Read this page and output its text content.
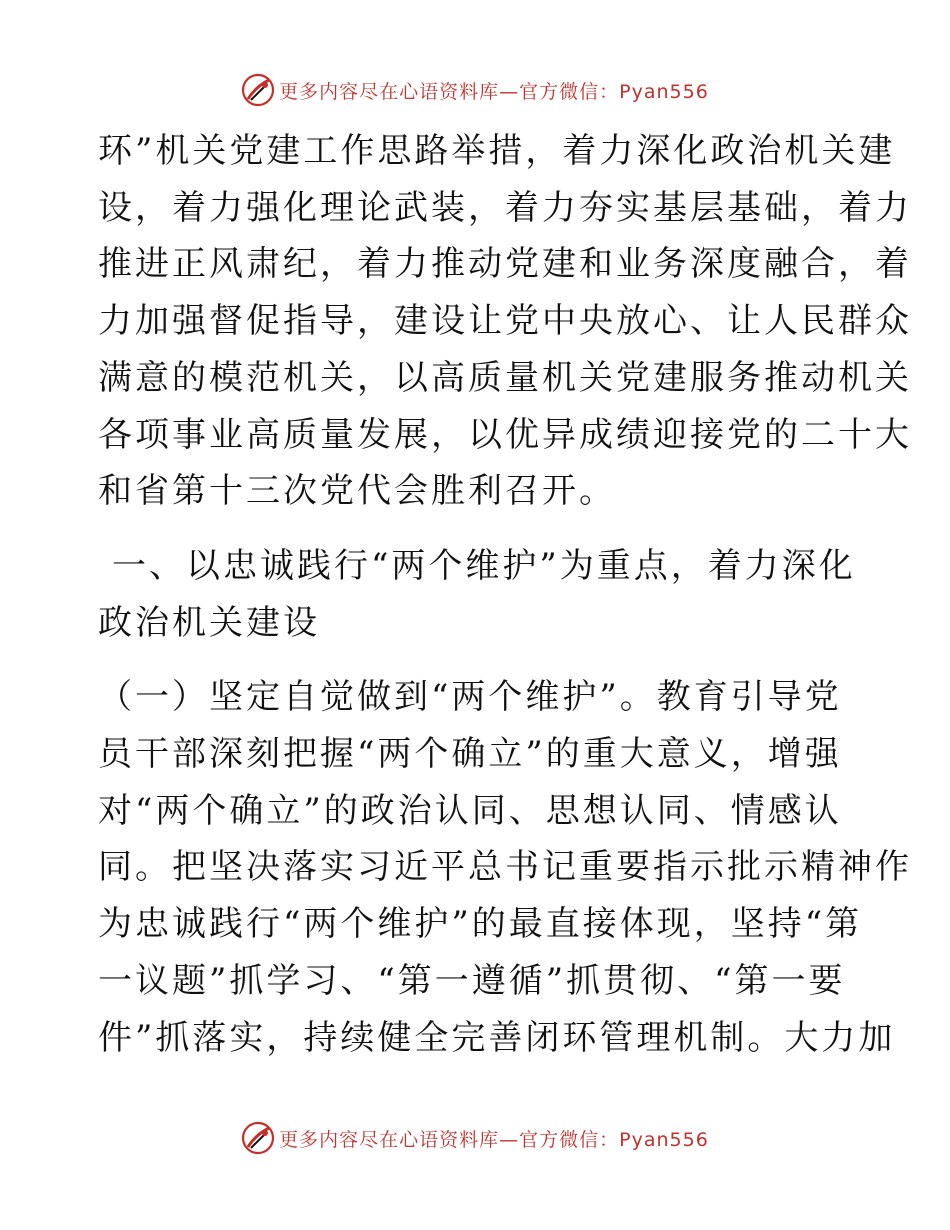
更多内容尽在心语资料库—官方微信：Pyan556

环”机关党建工作思路举措，着力深化政治机关建
设，着力强化理论武装，着力夯实基层基础，着力
推进正风肃纪，着力推动党建和业务深度融合，着
力加强督促指导，建设让党中央放心、让人民群众
满意的模范机关，以高质量机关党建服务推动机关
各项事业高质量发展，以优异成绩迎接党的二十大
和省第十三次党代会胜利召开。

一、以忠诚践行“两个维护”为重点，着力深化
政治机关建设

（一）坚定自觉做到“两个维护”。教育引导党
员干部深刻把握“两个确立”的重大意义，增强
对“两个确立”的政治认同、思想认同、情感认
同。把坚决落实习近平总书记重要指示批示精神作
为忠诚践行“两个维护”的最直接体现，坚持“第
一议题”抓学习、“第一遵循”抓贯彻、“第一要
件”抓落实，持续健全完善闭环管理机制。大力加

更多内容尽在心语资料库—官方微信：Pyan556
